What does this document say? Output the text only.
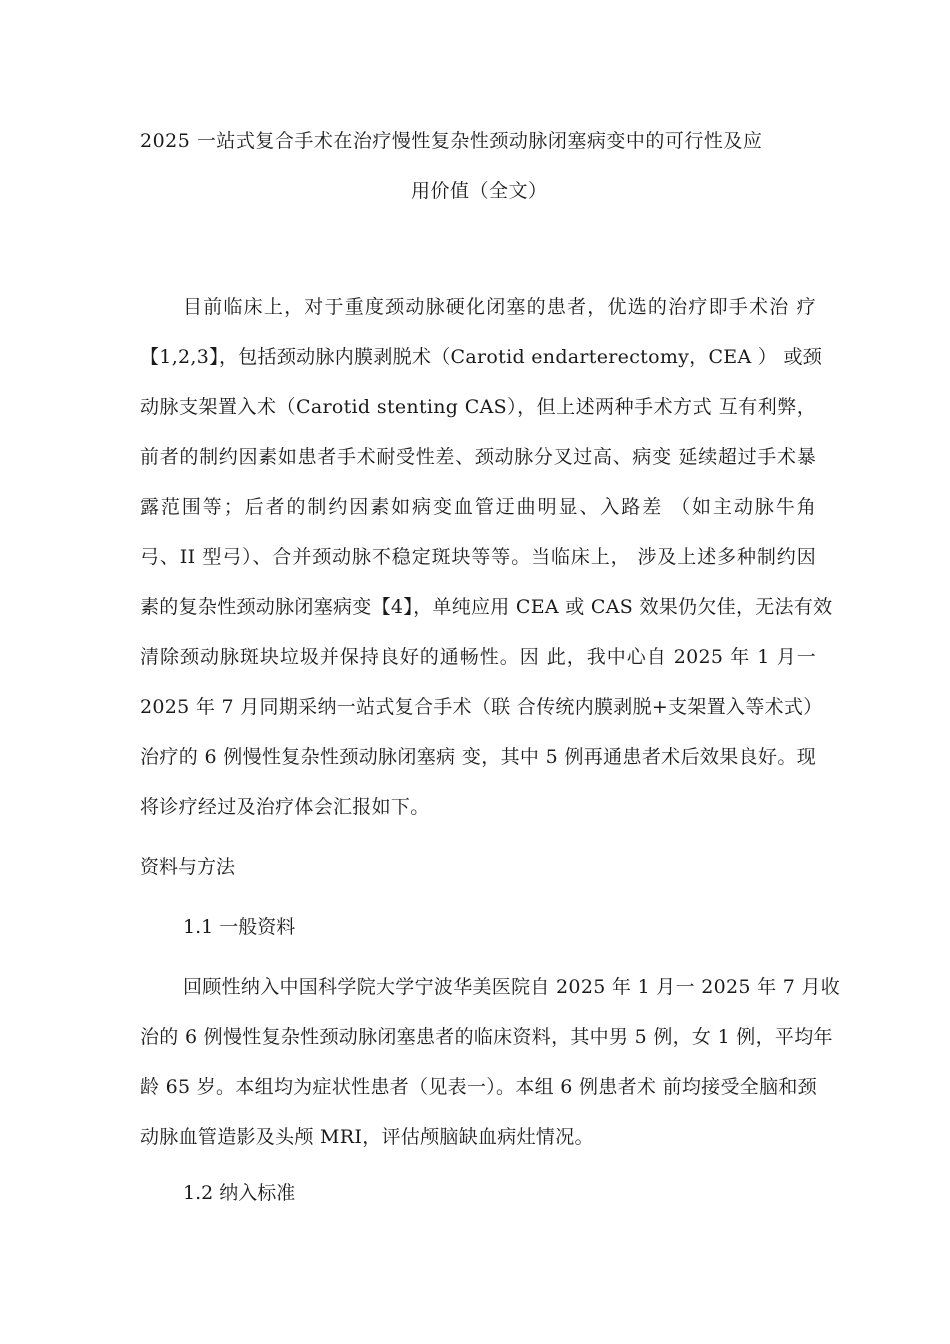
2025 一站式复合手术在治疗慢性复杂性颈动脉闭塞病变中的可行性及应
用价值（全文）
目前临床上，对于重度颈动脉硬化闭塞的患者，优选的治疗即手术治 疗
【1,2,3】，包括颈动脉内膜剥脱术（Carotid endarterectomy，CEA ） 或颈
动脉支架置入术（Carotid stenting CAS），但上述两种手术方式 互有利弊，
前者的制约因素如患者手术耐受性差、颈动脉分叉过高、病变 延续超过手术暴
露范围等；后者的制约因素如病变血管迂曲明显、入路差 （如主动脉牛角
弓、II 型弓）、合并颈动脉不稳定斑块等等。当临床上， 涉及上述多种制约因
素的复杂性颈动脉闭塞病变【4】，单纯应用 CEA 或 CAS 效果仍欠佳，无法有效
清除颈动脉斑块垃圾并保持良好的通畅性。因 此，我中心自 2025 年 1 月一
2025 年 7 月同期采纳一站式复合手术（联 合传统内膜剥脱+支架置入等术式）
治疗的 6 例慢性复杂性颈动脉闭塞病 变，其中 5 例再通患者术后效果良好。现
将诊疗经过及治疗体会汇报如下。
资料与方法
1.1 一般资料
回顾性纳入中国科学院大学宁波华美医院自 2025 年 1 月一 2025 年 7 月收
治的 6 例慢性复杂性颈动脉闭塞患者的临床资料，其中男 5 例，女 1 例，平均年
龄 65 岁。本组均为症状性患者（见表一）。本组 6 例患者术 前均接受全脑和颈
动脉血管造影及头颅 MRI，评估颅脑缺血病灶情况。
1.2 纳入标准
